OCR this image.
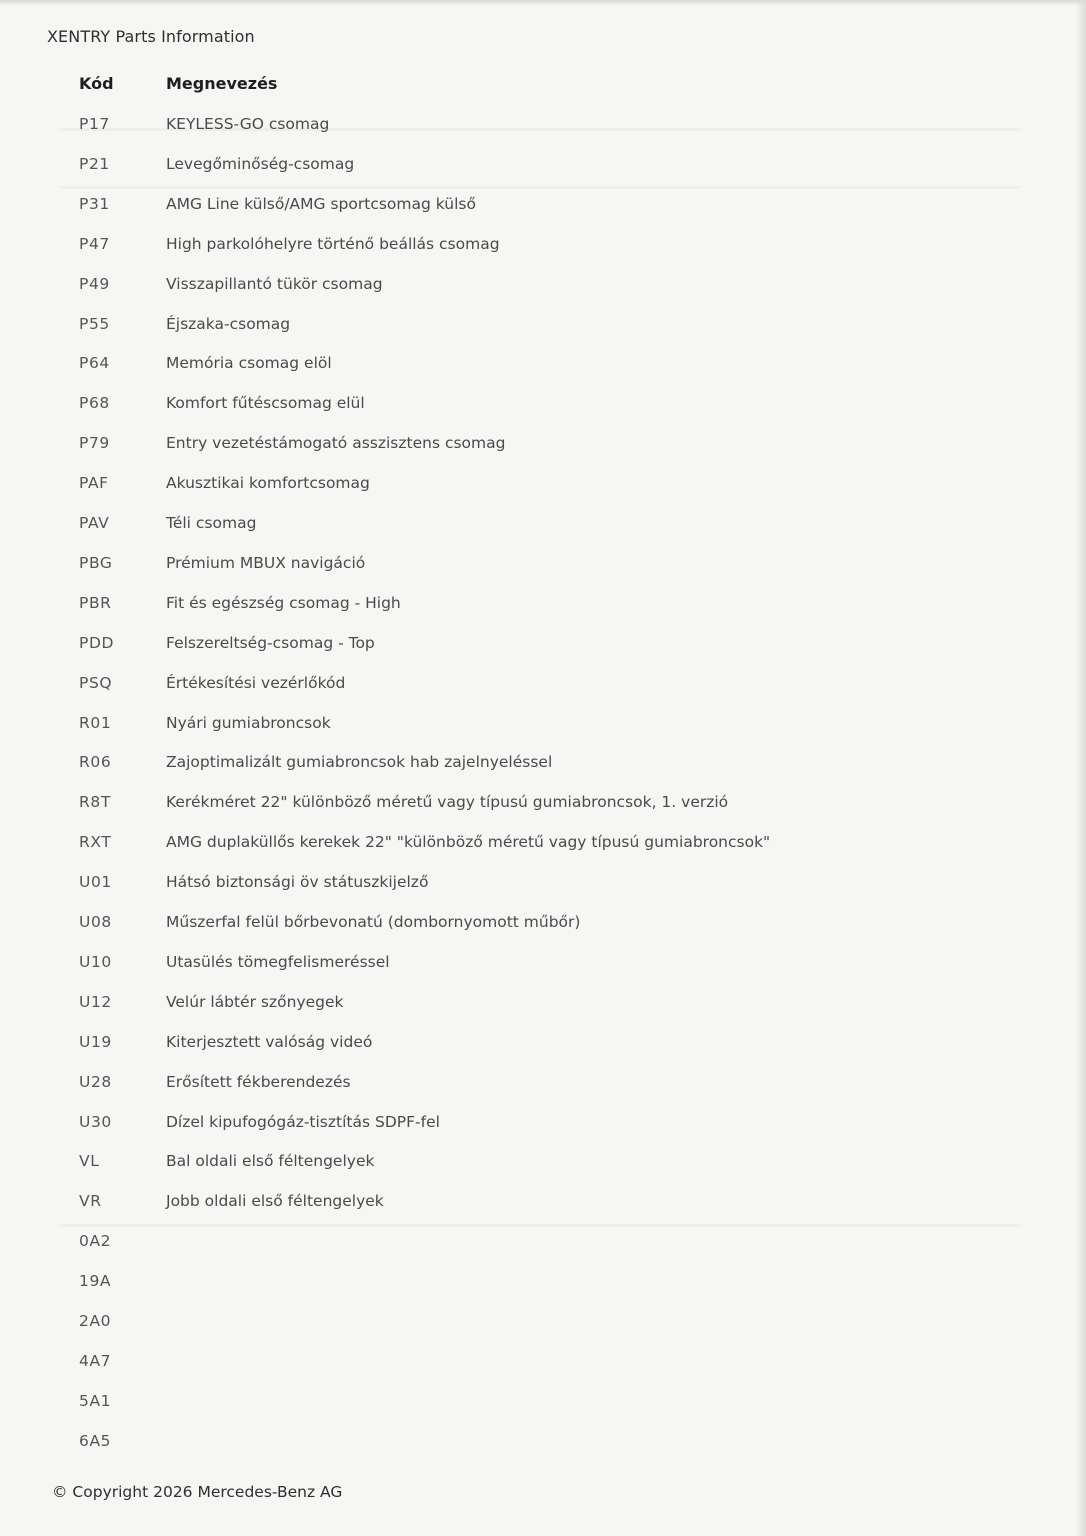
XENTRY Parts Information
Kód	Megnevezés
P17	KEYLESS-GO csomag
P21	Levegőminőség-csomag
P31	AMG Line külső/AMG sportcsomag külső
P47	High parkolóhelyre történő beállás csomag
P49	Visszapillantó tükör csomag
P55	Éjszaka-csomag
P64	Memória csomag elöl
P68	Komfort fűtéscsomag elül
P79	Entry vezetéstámogató asszisztens csomag
PAF	Akusztikai komfortcsomag
PAV	Téli csomag
PBG	Prémium MBUX navigáció
PBR	Fit és egészség csomag - High
PDD	Felszereltség-csomag - Top
PSQ	Értékesítési vezérlőkód
R01	Nyári gumiabroncsok
R06	Zajoptimalizált gumiabroncsok hab zajelnyeléssel
R8T	Kerékméret 22" különböző méretű vagy típusú gumiabroncsok, 1. verzió
RXT	AMG duplaküllős kerekek 22" "különböző méretű vagy típusú gumiabroncsok"
U01	Hátsó biztonsági öv státuszkijelző
U08	Műszerfal felül bőrbevonatú (dombornyomott műbőr)
U10	Utasülés tömegfelismeréssel
U12	Velúr lábtér szőnyegek
U19	Kiterjesztett valóság videó
U28	Erősített fékberendezés
U30	Dízel kipufogógáz-tisztítás SDPF-fel
VL	Bal oldali első féltengelyek
VR	Jobb oldali első féltengelyek
0A2
19A
2A0
4A7
5A1
6A5
© Copyright 2026 Mercedes-Benz AG
